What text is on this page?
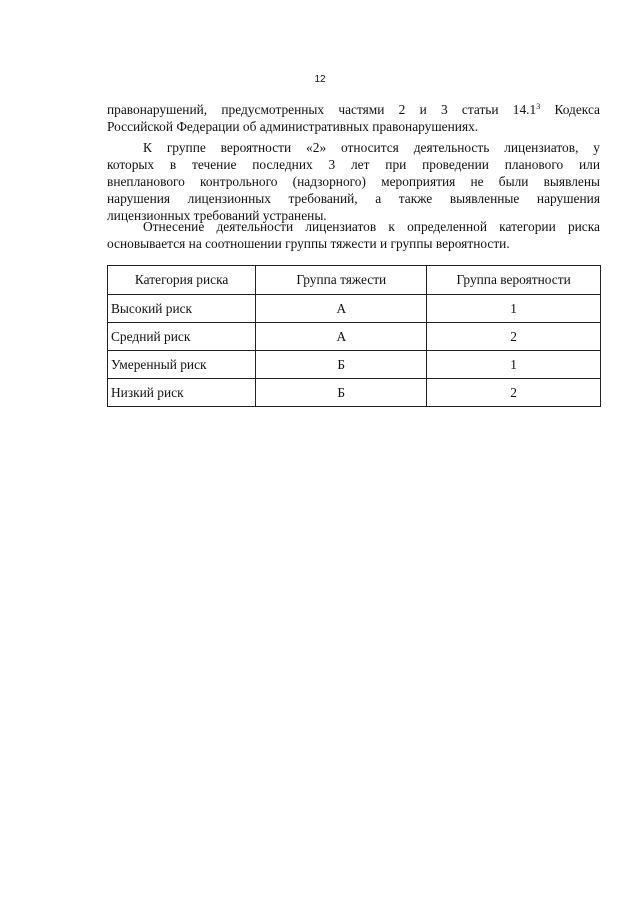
12
правонарушений, предусмотренных частями 2 и 3 статьи 14.1$^3$ Кодекса
Российской Федерации об административных правонарушениях.
К группе вероятности «2» относится деятельность лицензиатов, у
которых в течение последних 3 лет при проведении планового или
внепланового контрольного (надзорного) мероприятия не были выявлены
нарушения лицензионных требований, а также выявленные нарушения
лицензионных требований устранены.
Отнесение деятельности лицензиатов к определенной категории риска
основывается на соотношении группы тяжести и группы вероятности.
Категория риска	Группа тяжести	Группа вероятности
Высокий риск	А	1
Средний риск	А	2
Умеренный риск	Б	1
Низкий риск	Б	2
